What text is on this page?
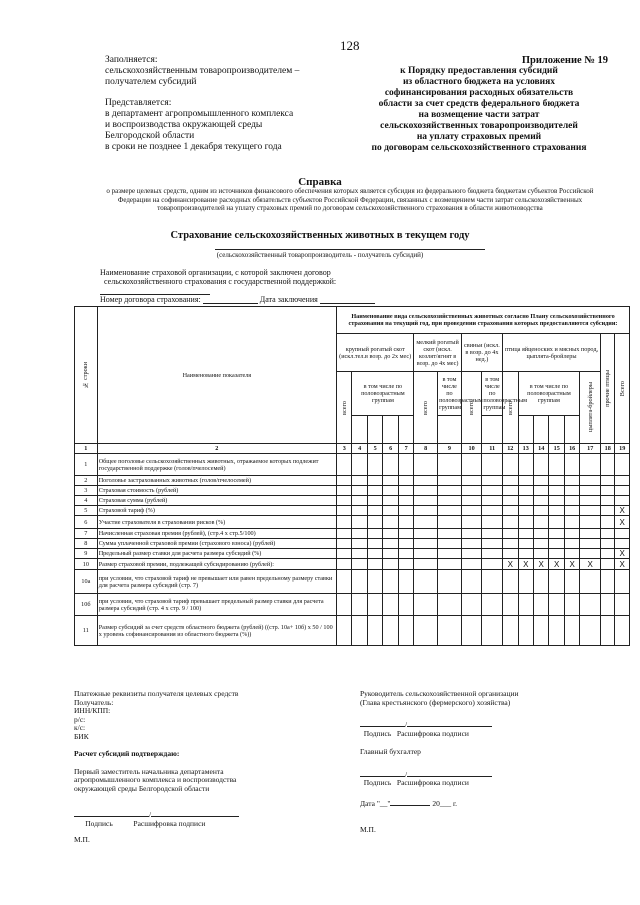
128
Заполняется:
сельскохозяйственным товаропроизводителем –
получателем субсидий
Представляется:
в департамент агропромышленного комплекса
и воспроизводства окружающей среды
Белгородской области
в сроки не позднее 1 декабря текущего года
Приложение № 19
к Порядку предоставления субсидий
из областного бюджета на условиях
софинансирования расходных обязательств
области за счет средств федерального бюджета
на возмещение части затрат
сельскохозяйственных товаропроизводителей
на уплату страховых премий
по договорам сельскохозяйственного страхования
Справка
о размере целевых средств, одним из источников финансового обеспечения которых является субсидия из федерального бюджета бюджетам субъектов Российской Федерации на софинансирование расходных обязательств субъектов Российской Федерации, связанных с возмещением части затрат сельскохозяйственных товаропроизводителей на уплату страховых премий по договорам сельскохозяйственного страхования в области животноводства
Страхование сельскохозяйственных животных в текущем году
(сельскохозяйственный товаропроизводитель - получатель субсидий)
Наименование страховой организации, с которой заключен договор
сельскохозяйственного страхования с государственной поддержкой:
Номер договора страхования:	Дата заключения
№ строки	Наименование показателя	Наименование вида сельскохозяйственных животных согласно Плану сельскохозяйственного страхования на текущий год, при проведении страхования которых предоставляются субсидии:																
		крупный рогатый скот (искл.тел.в возр. до 2х мес)					мелкий рогатый скот (искл. козлят/ягнят в возр. до 4х мес)		свиньи (искл. в возр. до 4х нед.)		птица яйценоских и мясных пород, цыплята-бройлеры						прочие птицы	Всего

		всего	в том числе по половозрастным группам				всего	в том числе по половозрастным группам	всего	в том числе по половозрастным группам	всего	в том числе по половозрастным группам				цыплята-бройлеры		

1	2	3	4	5	6	7	8	9	10	11	12	13	14	15	16	17	18	19
1	Общее поголовье сельскохозяйственных животных, отражаемое которых подлежит государственной поддержке (голов/пчелосемей)																	
2	Поголовье застрахованных животных (голов/пчелосемей)																	
3	Страховая стоимость (рублей)																	
4	Страховая сумма (рублей)																	
5	Страховой тариф (%)																	X
6	Участие страхователя в страховании рисков (%)																	X
7	Начисленная страховая премия (рублей), (стр.4 x стр.5/100)																	
8	Сумма уплаченной страховой премии (страхового взноса) (рублей)																	
9	Предельный размер ставки для расчета размера субсидий (%)																	X
10	Размер страховой премии, подлежащей субсидированию (рублей):										X	X	X	X	X	X		X
10а	при условии, что страховой тариф не превышает или равен предельному размеру ставки для расчета размера субсидий (стр. 7)																	
10б	при условии, что страховой тариф превышает предельный размер ставки для расчета размера субсидий (стр. 4 x стр. 9 / 100)																	
11	Размер субсидий за счет средств областного бюджета (рублей) ((стр. 10а+ 10б) x 50 / 100 x уровень софинансирования из областного бюджета (%))																	
Платежные реквизиты получателя целевых средств
Получатель:
ИНН/КПП:
р/с:
к/с:
БИК
Расчет субсидий подтверждаю:
Первый заместитель начальника департамента
агропромышленного комплекса и воспроизводства
окружающей среды Белгородской области
/
Подпись	Расшифровка подписи
М.П.
Руководитель сельскохозяйственной организации
(Глава крестьянского (фермерского) хозяйства)
/
Подпись Расшифровка подписи
Главный бухгалтер
/
Подпись Расшифровка подписи
Дата "__"	20___ г.
М.П.
